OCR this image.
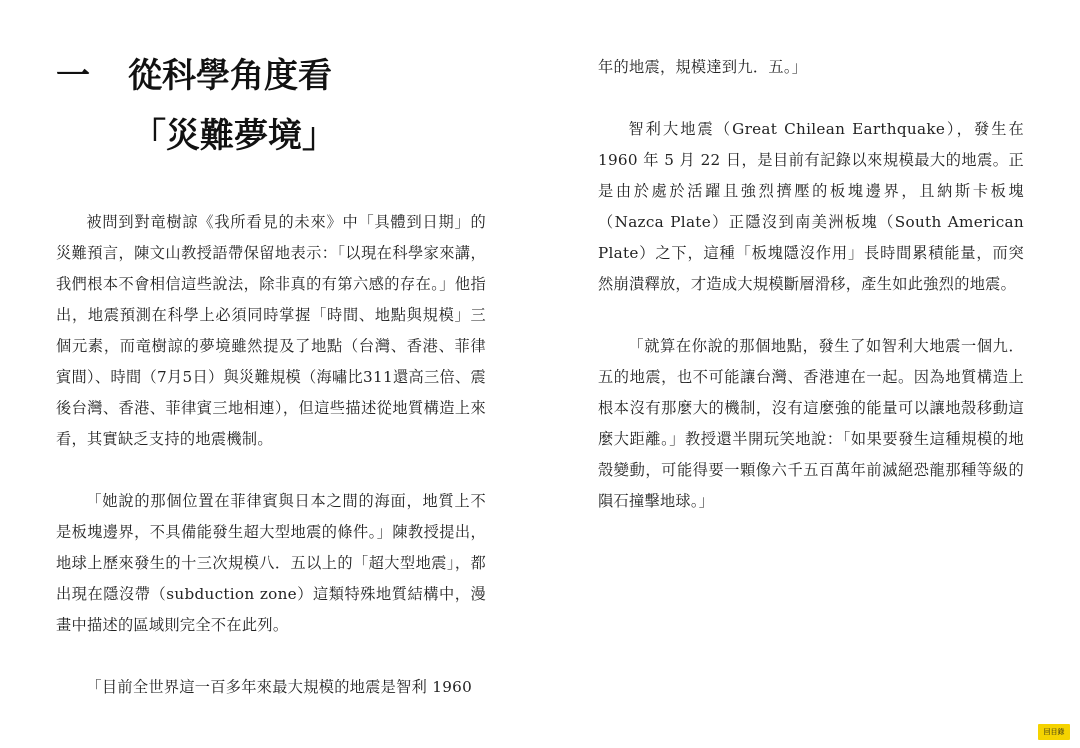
一	從科學角度看
「災難夢境」

被問到對竜樹諒《我所看見的未來》中「具體到日期」的災難預言，陳文山教授語帶保留地表示：「以現在科學家來講，我們根本不會相信這些說法，除非真的有第六感的存在。」他指出，地震預測在科學上必須同時掌握「時間、地點與規模」三個元素，而竜樹諒的夢境雖然提及了地點（台灣、香港、菲律賓間）、時間（7月5日）與災難規模（海嘯比311還高三倍、震後台灣、香港、菲律賓三地相連），但這些描述從地質構造上來看，其實缺乏支持的地震機制。

「她說的那個位置在菲律賓與日本之間的海面，地質上不是板塊邊界，不具備能發生超大型地震的條件。」陳教授提出，地球上歷來發生的十三次規模八．五以上的「超大型地震」，都出現在隱沒帶（subduction zone）這類特殊地質結構中，漫畫中描述的區域則完全不在此列。

「目前全世界這一百多年來最大規模的地震是智利 1960

年的地震，規模達到九．五。」

智利大地震（Great Chilean Earthquake），發生在 1960 年 5 月 22 日，是目前有記錄以來規模最大的地震。正是由於處於活躍且強烈擠壓的板塊邊界，且納斯卡板塊（Nazca Plate）正隱沒到南美洲板塊（South American Plate）之下，這種「板塊隱沒作用」長時間累積能量，而突然崩潰釋放，才造成大規模斷層滑移，產生如此強烈的地震。

「就算在你說的那個地點，發生了如智利大地震一個九．五的地震，也不可能讓台灣、香港連在一起。因為地質構造上根本沒有那麼大的機制，沒有這麼強的能量可以讓地殼移動這麼大距離。」教授還半開玩笑地說：「如果要發生這種規模的地殼變動，可能得要一顆像六千五百萬年前滅絕恐龍那種等級的隕石撞擊地球。」

回目錄
